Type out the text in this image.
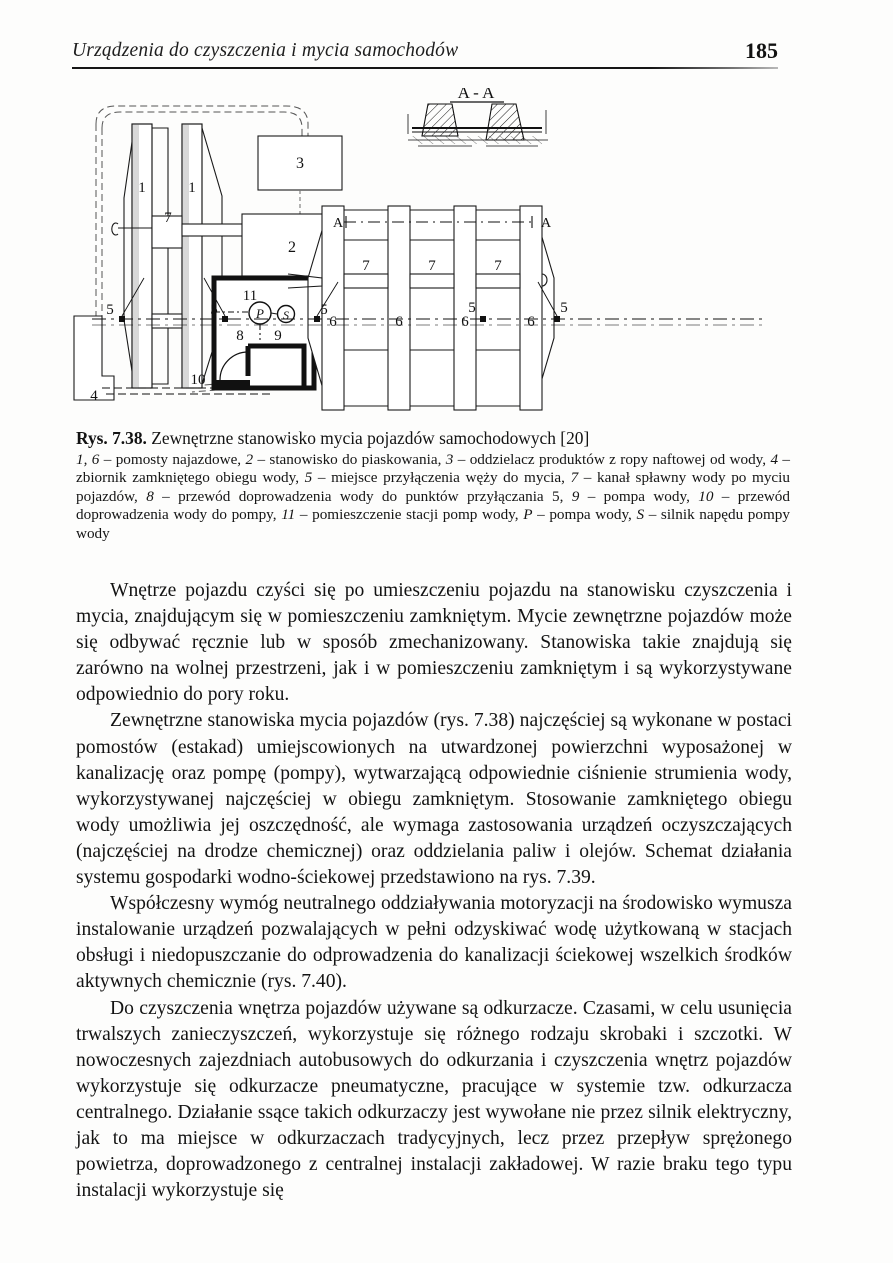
Urządzenia do czyszczenia i mycia samochodów	185
1	1
7
3
2
11
P S
8 9
4
10
5	5	5	5	5
6	6	6	6
7	7	7
A	A
A - A
Rys. 7.38. Zewnętrzne stanowisko mycia pojazdów samochodowych [20]
1, 6 – pomosty najazdowe, 2 – stanowisko do piaskowania, 3 – oddzielacz produktów z ropy naftowej od wody, 4 – zbiornik zamkniętego obiegu wody, 5 – miejsce przyłączenia węży do mycia, 7 – kanał spławny wody po myciu pojazdów, 8 – przewód doprowadzenia wody do punktów przyłączania 5, 9 – pompa wody, 10 – przewód doprowadzenia wody do pompy, 11 – pomieszczenie stacji pomp wody, P – pompa wody, S – silnik napędu pompy wody

Wnętrze pojazdu czyści się po umieszczeniu pojazdu na stanowisku czyszczenia i mycia, znajdującym się w pomieszczeniu zamkniętym. Mycie zewnętrzne pojazdów może się odbywać ręcznie lub w sposób zmechanizowany. Stanowiska takie znajdują się zarówno na wolnej przestrzeni, jak i w pomieszczeniu zamkniętym i są wykorzystywane odpowiednio do pory roku.

Zewnętrzne stanowiska mycia pojazdów (rys. 7.38) najczęściej są wykonane w postaci pomostów (estakad) umiejscowionych na utwardzonej powierzchni wyposażonej w kanalizację oraz pompę (pompy), wytwarzającą odpowiednie ciśnienie strumienia wody, wykorzystywanej najczęściej w obiegu zamkniętym. Stosowanie zamkniętego obiegu wody umożliwia jej oszczędność, ale wymaga zastosowania urządzeń oczyszczających (najczęściej na drodze chemicznej) oraz oddzielania paliw i olejów. Schemat działania systemu gospodarki wodno-ściekowej przedstawiono na rys. 7.39.

Współczesny wymóg neutralnego oddziaływania motoryzacji na środowisko wymusza instalowanie urządzeń pozwalających w pełni odzyskiwać wodę użytkowaną w stacjach obsługi i niedopuszczanie do odprowadzenia do kanalizacji ściekowej wszelkich środków aktywnych chemicznie (rys. 7.40).

Do czyszczenia wnętrza pojazdów używane są odkurzacze. Czasami, w celu usunięcia trwalszych zanieczyszczeń, wykorzystuje się różnego rodzaju skrobaki i szczotki. W nowoczesnych zajezdniach autobusowych do odkurzania i czyszczenia wnętrz pojazdów wykorzystuje się odkurzacze pneumatyczne, pracujące w systemie tzw. odkurzacza centralnego. Działanie ssące takich odkurzaczy jest wywołane nie przez silnik elektryczny, jak to ma miejsce w odkurzaczach tradycyjnych, lecz przez przepływ sprężonego powietrza, doprowadzonego z centralnej instalacji zakładowej. W razie braku tego typu instalacji wykorzystuje się
